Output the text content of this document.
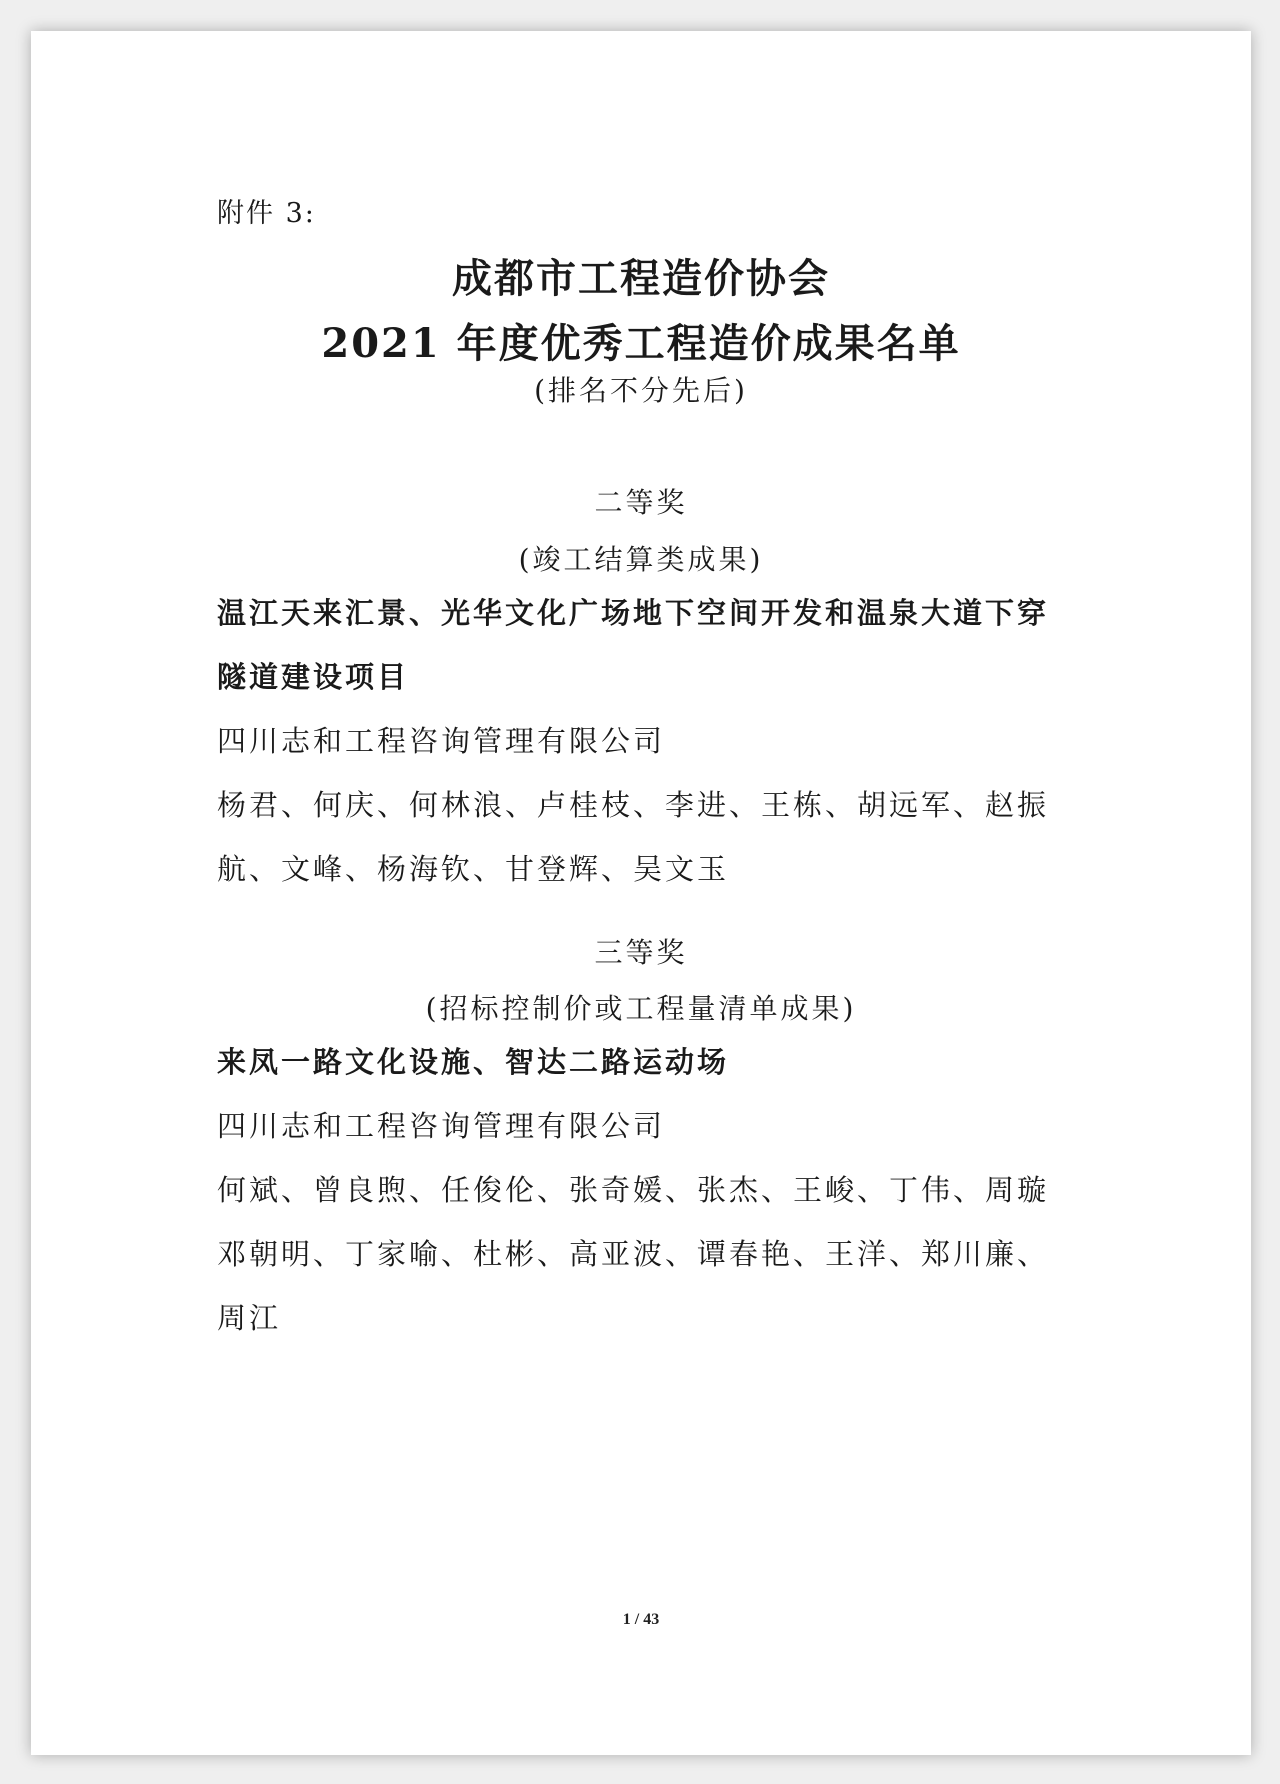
附件 3:
成都市工程造价协会
2021 年度优秀工程造价成果名单
(排名不分先后)
二等奖
(竣工结算类成果)
温江天来汇景、光华文化广场地下空间开发和温泉大道下穿
隧道建设项目
四川志和工程咨询管理有限公司
杨君、何庆、何林浪、卢桂枝、李进、王栋、胡远军、赵振
航、文峰、杨海钦、甘登辉、吴文玉
三等奖
(招标控制价或工程量清单成果)
来凤一路文化设施、智达二路运动场
四川志和工程咨询管理有限公司
何斌、曾良煦、任俊伦、张奇媛、张杰、王峻、丁伟、周璇
邓朝明、丁家喻、杜彬、高亚波、谭春艳、王洋、郑川廉、
周江
1 / 43
